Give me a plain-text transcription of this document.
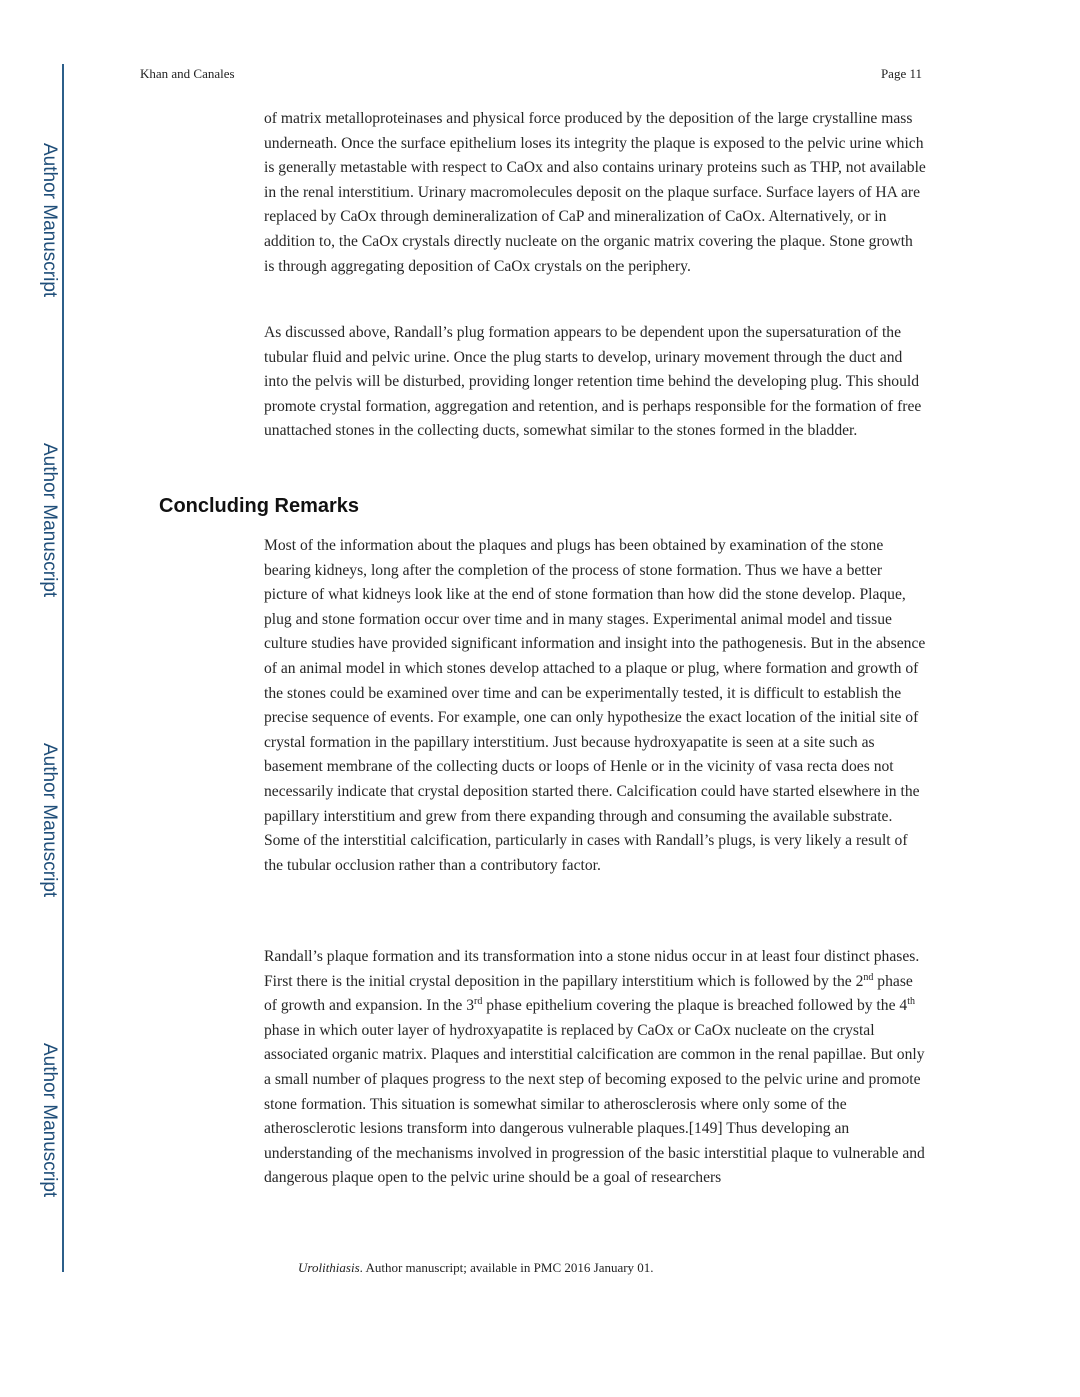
Author Manuscript
Author Manuscript
Author Manuscript
Author Manuscript
Khan and Canales	Page 11

of matrix metalloproteinases and physical force produced by the deposition of the large crystalline mass underneath. Once the surface epithelium loses its integrity the plaque is exposed to the pelvic urine which is generally metastable with respect to CaOx and also contains urinary proteins such as THP, not available in the renal interstitium. Urinary macromolecules deposit on the plaque surface. Surface layers of HA are replaced by CaOx through demineralization of CaP and mineralization of CaOx. Alternatively, or in addition to, the CaOx crystals directly nucleate on the organic matrix covering the plaque. Stone growth is through aggregating deposition of CaOx crystals on the periphery.

As discussed above, Randall’s plug formation appears to be dependent upon the supersaturation of the tubular fluid and pelvic urine. Once the plug starts to develop, urinary movement through the duct and into the pelvis will be disturbed, providing longer retention time behind the developing plug. This should promote crystal formation, aggregation and retention, and is perhaps responsible for the formation of free unattached stones in the collecting ducts, somewhat similar to the stones formed in the bladder.

Concluding Remarks

Most of the information about the plaques and plugs has been obtained by examination of the stone bearing kidneys, long after the completion of the process of stone formation. Thus we have a better picture of what kidneys look like at the end of stone formation than how did the stone develop. Plaque, plug and stone formation occur over time and in many stages. Experimental animal model and tissue culture studies have provided significant information and insight into the pathogenesis. But in the absence of an animal model in which stones develop attached to a plaque or plug, where formation and growth of the stones could be examined over time and can be experimentally tested, it is difficult to establish the precise sequence of events. For example, one can only hypothesize the exact location of the initial site of crystal formation in the papillary interstitium. Just because hydroxyapatite is seen at a site such as basement membrane of the collecting ducts or loops of Henle or in the vicinity of vasa recta does not necessarily indicate that crystal deposition started there. Calcification could have started elsewhere in the papillary interstitium and grew from there expanding through and consuming the available substrate. Some of the interstitial calcification, particularly in cases with Randall’s plugs, is very likely a result of the tubular occlusion rather than a contributory factor.

Randall’s plaque formation and its transformation into a stone nidus occur in at least four distinct phases. First there is the initial crystal deposition in the papillary interstitium which is followed by the 2nd phase of growth and expansion. In the 3rd phase epithelium covering the plaque is breached followed by the 4th phase in which outer layer of hydroxyapatite is replaced by CaOx or CaOx nucleate on the crystal associated organic matrix. Plaques and interstitial calcification are common in the renal papillae. But only a small number of plaques progress to the next step of becoming exposed to the pelvic urine and promote stone formation. This situation is somewhat similar to atherosclerosis where only some of the atherosclerotic lesions transform into dangerous vulnerable plaques.[149] Thus developing an understanding of the mechanisms involved in progression of the basic interstitial plaque to vulnerable and dangerous plaque open to the pelvic urine should be a goal of researchers

Urolithiasis. Author manuscript; available in PMC 2016 January 01.
